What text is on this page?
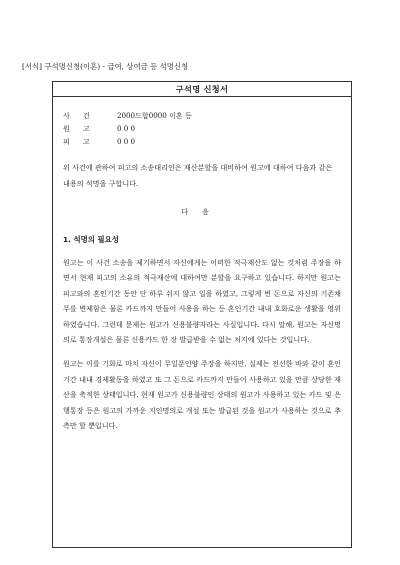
[서식] 구석명신청(이혼) - 급여, 상여금 등 석명신청
구석명 신청서
사건	2000드합0000 이혼 등
원고	0 0 0
피고	0 0 0
위 사건에 관하여 피고의 소송대리인은 재산분할을 대비하여 원고에 대하여 다음과 같은 내용의 석명을 구합니다.
다음
1. 석명의 필요성
원고는 이 사건 소송을 제기하면서 자신에게는 어떠한 적극재산도 없는 것처럼 주장을 하면서 현재 피고의 소유의 적극재산에 대하여만 분할을 요구하고 있습니다. 하지만 원고는 피고와의 혼인기간 동안 단 하루 쉬지 않고 일을 하였고, 그렇게 번 돈으로 자신의 기존채무를 변제함은 물론 카드까지 만들어 사용을 하는 등 혼인기간 내내 호화로운 생활을 영위하였습니다. 그런데 문제는 원고가 신용불량자라는 사실입니다. 다시 말해, 원고는 자신명의로 통장개설은 물론 신용카드 한 장 발급받을 수 없는 처지에 있다는 것입니다.
원고는 이를 기화로 마치 자신이 무일푼인양 주장을 하지만, 실제는 전선한 바와 같이 혼인기간 내내 경제활동을 하였고 또 그 돈으로 카드까지 만들어 사용하고 있을 만큼 상당한 재산을 축적한 상태입니다. 현재 원고가 신용불량인 상태의 원고가 사용하고 있는 카드 및 은행통장 등은 원고의 가까운 지인명의로 개설 또는 발급된 것을 원고가 사용하는 것으로 추측만 할 뿐입니다.
